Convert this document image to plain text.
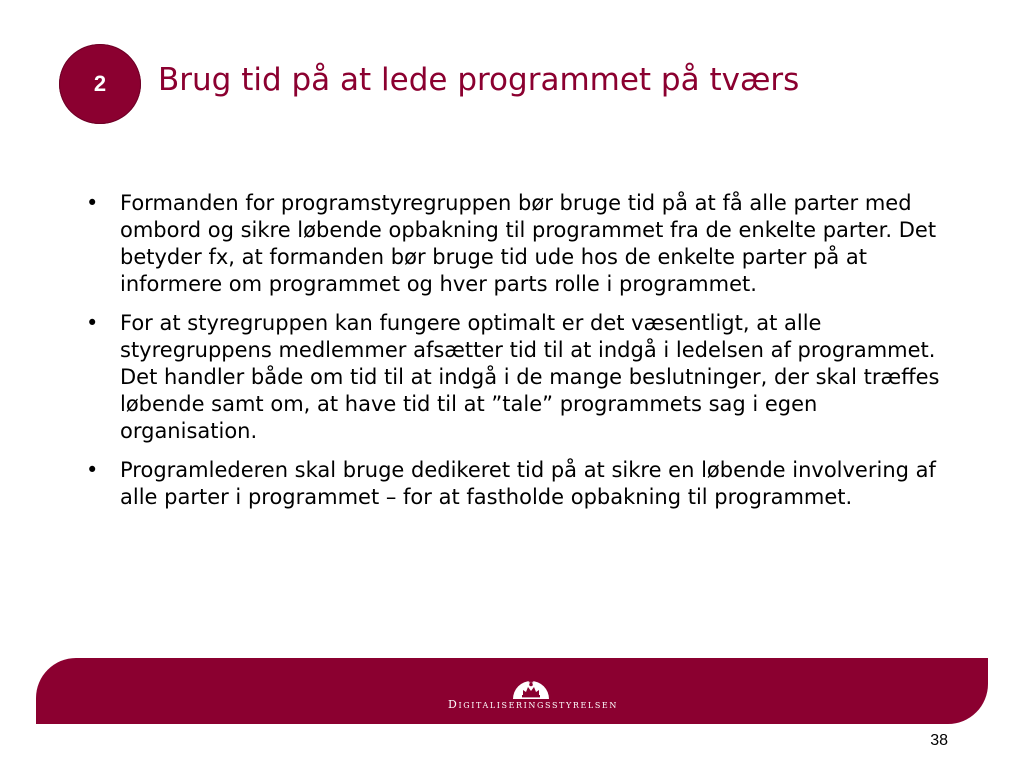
2 Brug tid på at lede programmet på tværs
•	Formanden for programstyregruppen bør bruge tid på at få alle parter med ombord og sikre løbende opbakning til programmet fra de enkelte parter. Det betyder fx, at formanden bør bruge tid ude hos de enkelte parter på at informere om programmet og hver parts rolle i programmet.
•	For at styregruppen kan fungere optimalt er det væsentligt, at alle styregruppens medlemmer afsætter tid til at indgå i ledelsen af programmet. Det handler både om tid til at indgå i de mange beslutninger, der skal træffes løbende samt om, at have tid til at ”tale” programmets sag i egen organisation.
•	Programlederen skal bruge dedikeret tid på at sikre en løbende involvering af alle parter i programmet – for at fastholde opbakning til programmet.
Digitaliseringsstyrelsen
38
